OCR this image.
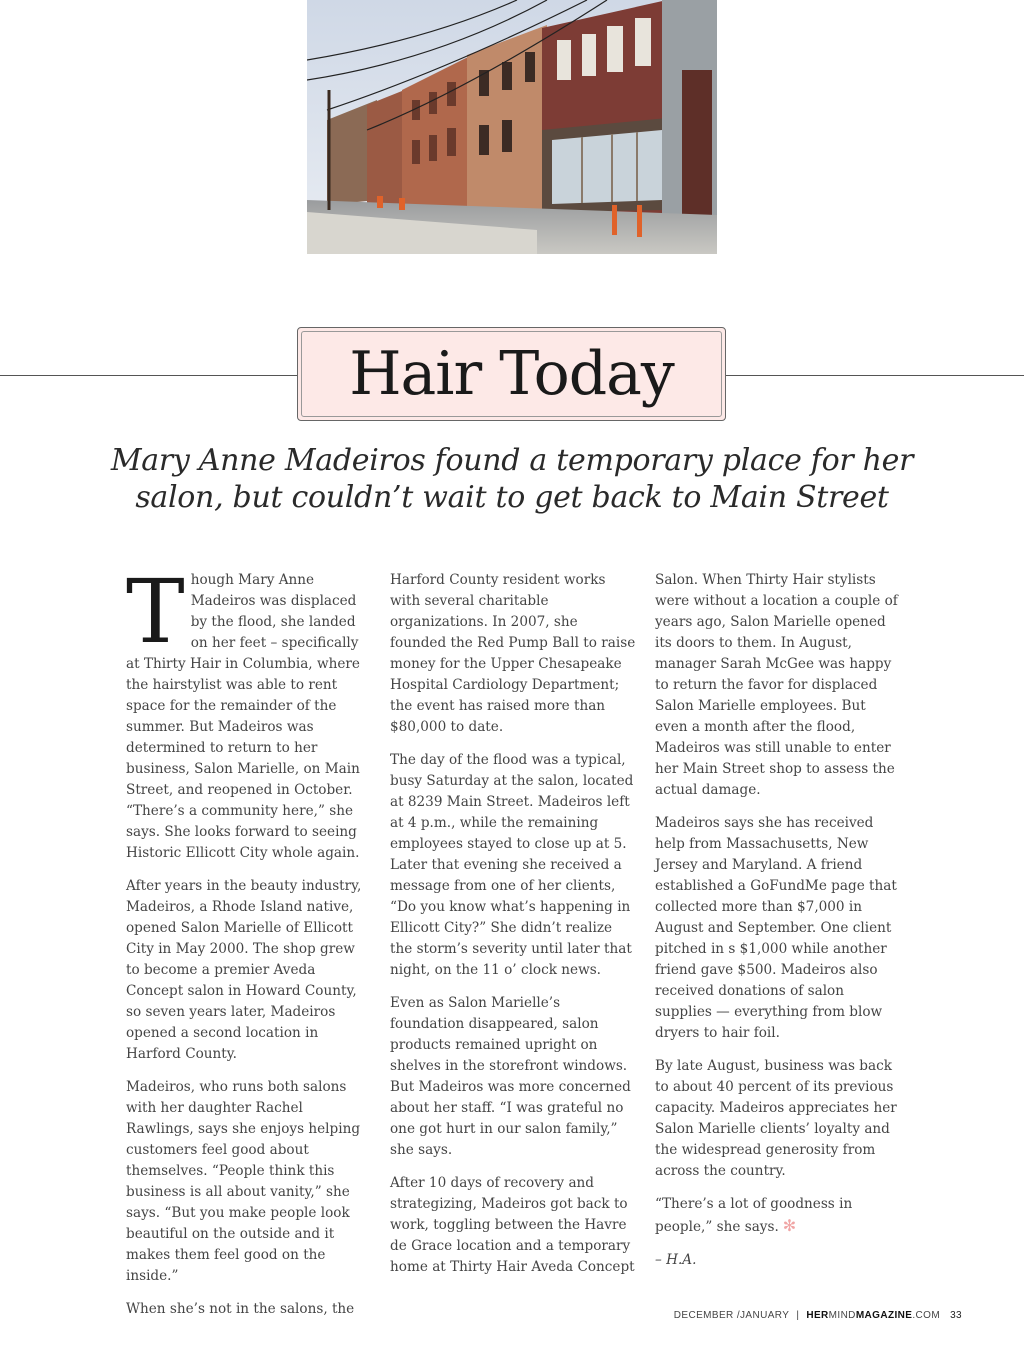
Hair Today

Mary Anne Madeiros found a temporary place for her salon, but couldn’t wait to get back to Main Street

Though Mary Anne Madeiros was displaced by the flood, she landed on her feet – specifically at Thirty Hair in Columbia, where the hairstylist was able to rent space for the remainder of the summer. But Madeiros was determined to return to her business, Salon Marielle, on Main Street, and reopened in October. “There’s a community here,” she says. She looks forward to seeing Historic Ellicott City whole again.

After years in the beauty industry, Madeiros, a Rhode Island native, opened Salon Marielle of Ellicott City in May 2000. The shop grew to become a premier Aveda Concept salon in Howard County, so seven years later, Madeiros opened a second location in Harford County.

Madeiros, who runs both salons with her daughter Rachel Rawlings, says she enjoys helping customers feel good about themselves. “People think this business is all about vanity,” she says. “But you make people look beautiful on the outside and it makes them feel good on the inside.”

When she’s not in the salons, the

Harford County resident works with several charitable organizations. In 2007, she founded the Red Pump Ball to raise money for the Upper Chesapeake Hospital Cardiology Department; the event has raised more than $80,000 to date.

The day of the flood was a typical, busy Saturday at the salon, located at 8239 Main Street. Madeiros left at 4 p.m., while the remaining employees stayed to close up at 5. Later that evening she received a message from one of her clients, “Do you know what’s happening in Ellicott City?” She didn’t realize the storm’s severity until later that night, on the 11 o’ clock news.

Even as Salon Marielle’s foundation disappeared, salon products remained upright on shelves in the storefront windows. But Madeiros was more concerned about her staff. “I was grateful no one got hurt in our salon family,” she says.

After 10 days of recovery and strategizing, Madeiros got back to work, toggling between the Havre de Grace location and a temporary home at Thirty Hair Aveda Concept

Salon. When Thirty Hair stylists were without a location a couple of years ago, Salon Marielle opened its doors to them. In August, manager Sarah McGee was happy to return the favor for displaced Salon Marielle employees. But even a month after the flood, Madeiros was still unable to enter her Main Street shop to assess the actual damage.

Madeiros says she has received help from Massachusetts, New Jersey and Maryland. A friend established a GoFundMe page that collected more than $7,000 in August and September. One client pitched in s $1,000 while another friend gave $500. Madeiros also received donations of salon supplies — everything from blow dryers to hair foil.

By late August, business was back to about 40 percent of its previous capacity. Madeiros appreciates her Salon Marielle clients’ loyalty and the widespread generosity from across the country.

“There’s a lot of goodness in people,” she says. ✻

– H.A.

DECEMBER /JANUARY | HERMINDMAGAZINE.COM 33
